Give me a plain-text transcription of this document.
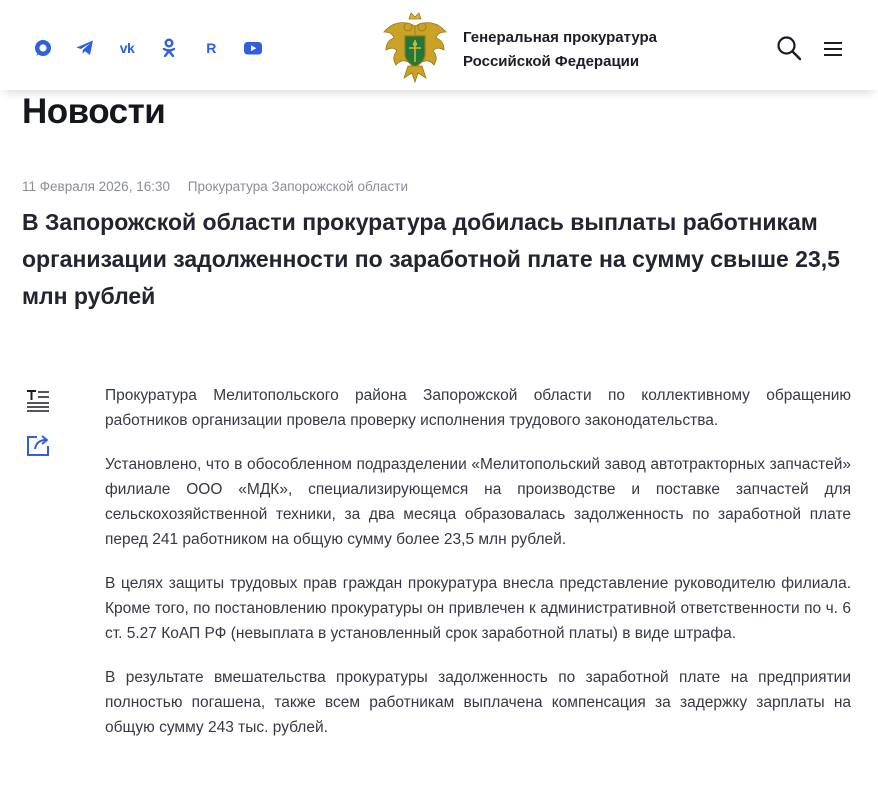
vk	R
Генеральная прокуратура
Российской Федерации
Новости
11 Февраля 2026, 16:30 Прокуратура Запорожской области
В Запорожской области прокуратура добилась выплаты работникам организации задолженности по заработной плате на сумму свыше 23,5 млн рублей

Прокуратура Мелитопольского района Запорожской области по коллективному обращению работников организации провела проверку исполнения трудового законодательства.

Установлено, что в обособленном подразделении «Мелитопольский завод автотракторных запчастей» филиале ООО «МДК», специализирующемся на производстве и поставке запчастей для сельскохозяйственной техники, за два месяца образовалась задолженность по заработной плате перед 241 работником на общую сумму более 23,5 млн рублей.

В целях защиты трудовых прав граждан прокуратура внесла представление руководителю филиала. Кроме того, по постановлению прокуратуры он привлечен к административной ответственности по ч. 6 ст. 5.27 КоАП РФ (невыплата в установленный срок заработной платы) в виде штрафа.

В результате вмешательства прокуратуры задолженность по заработной плате на предприятии полностью погашена, также всем работникам выплачена компенсация за задержку зарплаты на общую сумму 243 тыс. рублей.
